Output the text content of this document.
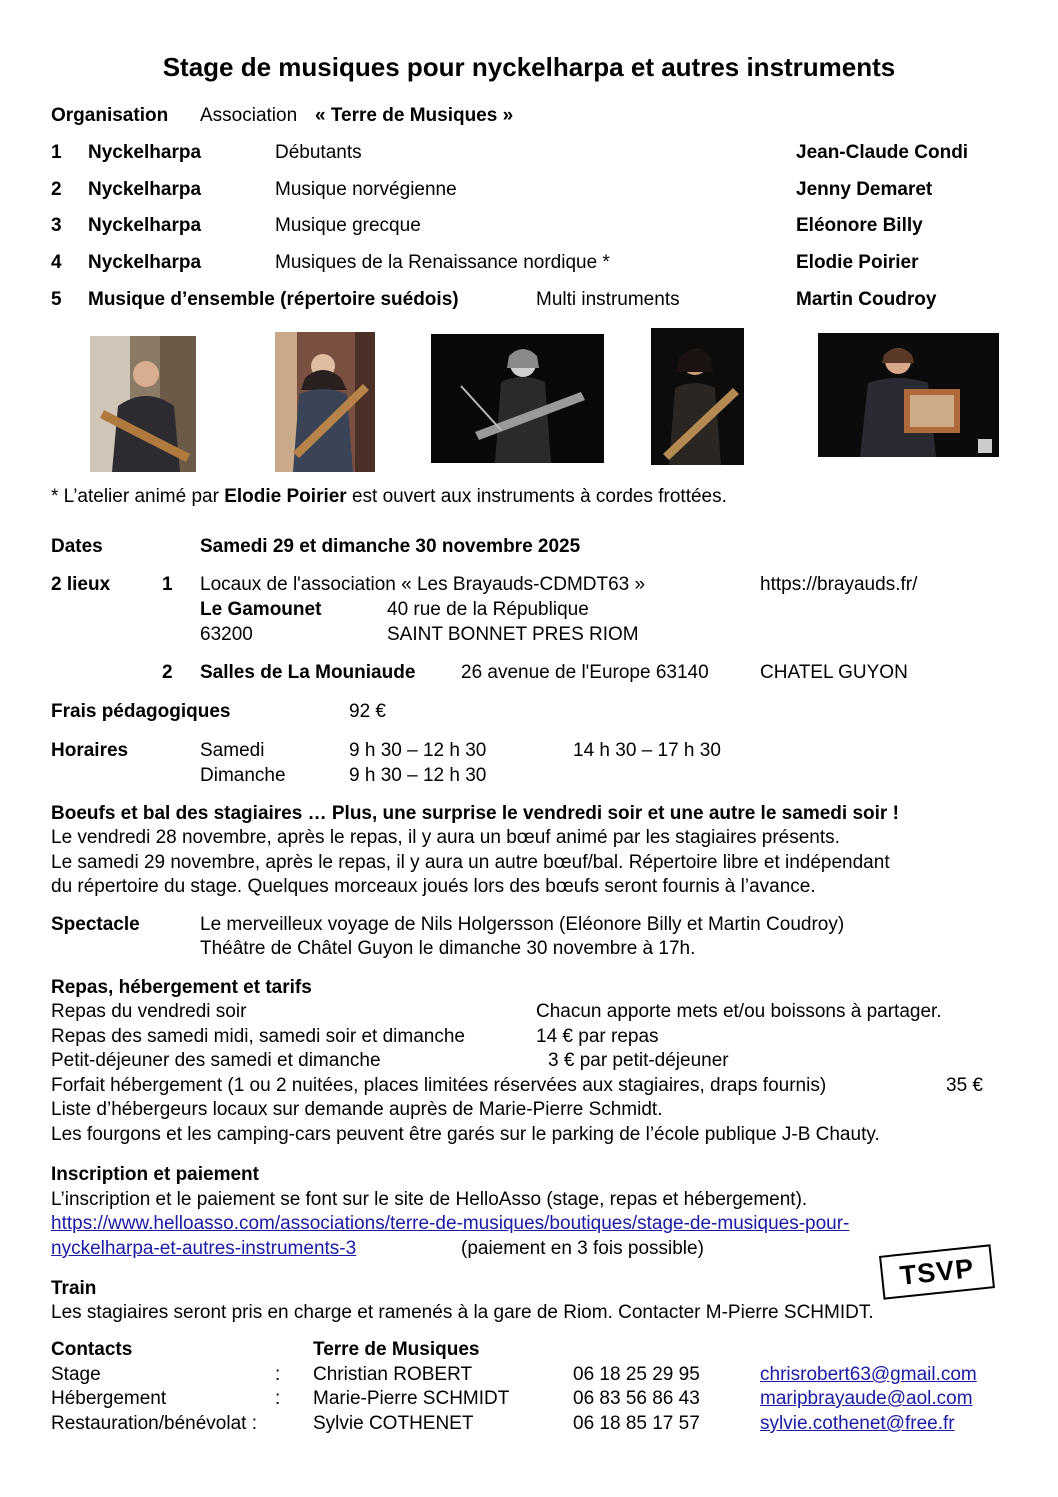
Stage de musiques pour nyckelharpa et autres instruments
Organisation Association « Terre de Musiques »
1 Nyckelharpa	Débutants	Jean-Claude Condi
2 Nyckelharpa	Musique norvégienne	Jenny Demaret
3 Nyckelharpa	Musique grecque	Eléonore Billy
4 Nyckelharpa	Musiques de la Renaissance nordique *	Elodie Poirier
5 Musique d’ensemble (répertoire suédois)	Multi instruments	Martin Coudroy
* L’atelier animé par Elodie Poirier est ouvert aux instruments à cordes frottées.
Dates	Samedi 29 et dimanche 30 novembre 2025
2 lieux	1 Locaux de l'association « Les Brayauds-CDMDT63 »	https://brayauds.fr/
Le Gamounet	40 rue de la République
63200	SAINT BONNET PRES RIOM
2 Salles de La Mouniaude 26 avenue de l'Europe 63140	CHATEL GUYON
Frais pédagogiques	92 €
Horaires	Samedi	9 h 30 – 12 h 30	14 h 30 – 17 h 30
Dimanche	9 h 30 – 12 h 30
Boeufs et bal des stagiaires … Plus, une surprise le vendredi soir et une autre le samedi soir !
Le vendredi 28 novembre, après le repas, il y aura un bœuf animé par les stagiaires présents.
Le samedi 29 novembre, après le repas, il y aura un autre bœuf/bal. Répertoire libre et indépendant
du répertoire du stage. Quelques morceaux joués lors des bœufs seront fournis à l’avance.
Spectacle	Le merveilleux voyage de Nils Holgersson (Eléonore Billy et Martin Coudroy)
Théâtre de Châtel Guyon le dimanche 30 novembre à 17h.
Repas, hébergement et tarifs
Repas du vendredi soir	Chacun apporte mets et/ou boissons à partager.
Repas des samedi midi, samedi soir et dimanche	14 € par repas
Petit-déjeuner des samedi et dimanche	3 € par petit-déjeuner
Forfait hébergement (1 ou 2 nuitées, places limitées réservées aux stagiaires, draps fournis)	35 €
Liste d’hébergeurs locaux sur demande auprès de Marie-Pierre Schmidt.
Les fourgons et les camping-cars peuvent être garés sur le parking de l’école publique J-B Chauty.
Inscription et paiement
L’inscription et le paiement se font sur le site de HelloAsso (stage, repas et hébergement).
https://www.helloasso.com/associations/terre-de-musiques/boutiques/stage-de-musiques-pour-
nyckelharpa-et-autres-instruments-3	(paiement en 3 fois possible)
TSVP
Train
Les stagiaires seront pris en charge et ramenés à la gare de Riom. Contacter M-Pierre SCHMIDT.
Contacts	Terre de Musiques
Stage	: Christian ROBERT	06 18 25 29 95	chrisrobert63@gmail.com
Hébergement	: Marie-Pierre SCHMIDT	06 83 56 86 43	maripbrayaude@aol.com
Restauration/bénévolat :	Sylvie COTHENET	06 18 85 17 57	sylvie.cothenet@free.fr
